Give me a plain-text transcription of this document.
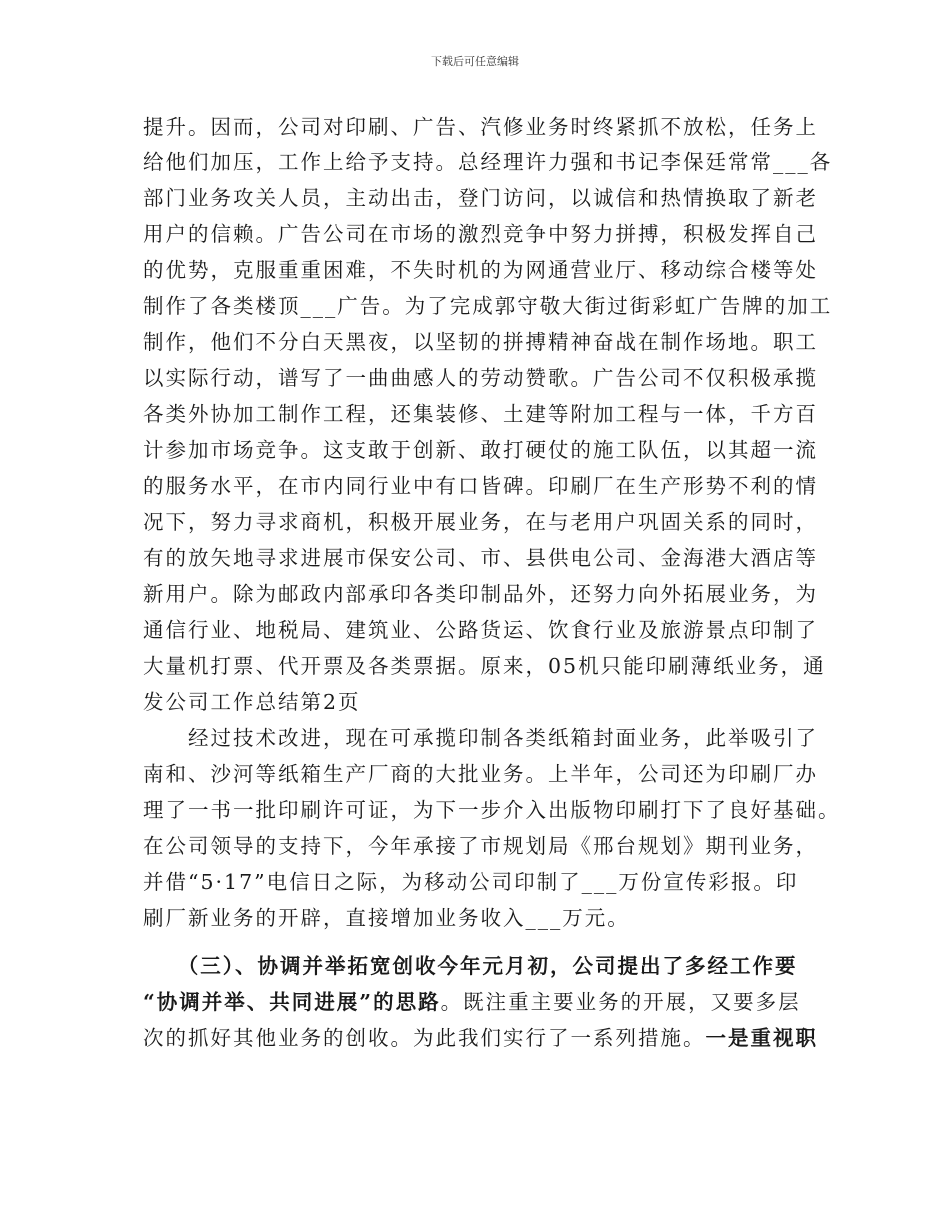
下载后可任意编辑
提升。因而，公司对印刷、广告、汽修业务时终紧抓不放松，任务上
给他们加压，工作上给予支持。总经理许力强和书记李保廷常常___各
部门业务攻关人员，主动出击，登门访问，以诚信和热情换取了新老
用户的信赖。广告公司在市场的激烈竞争中努力拼搏，积极发挥自己
的优势，克服重重困难，不失时机的为网通营业厅、移动综合楼等处
制作了各类楼顶___广告。为了完成郭守敬大街过街彩虹广告牌的加工
制作，他们不分白天黑夜，以坚韧的拼搏精神奋战在制作场地。职工
以实际行动，谱写了一曲曲感人的劳动赞歌。广告公司不仅积极承揽
各类外协加工制作工程，还集装修、土建等附加工程与一体，千方百
计参加市场竞争。这支敢于创新、敢打硬仗的施工队伍，以其超一流
的服务水平，在市内同行业中有口皆碑。印刷厂在生产形势不利的情
况下，努力寻求商机，积极开展业务，在与老用户巩固关系的同时，
有的放矢地寻求进展市保安公司、市、县供电公司、金海港大酒店等
新用户。除为邮政内部承印各类印制品外，还努力向外拓展业务，为
通信行业、地税局、建筑业、公路货运、饮食行业及旅游景点印制了
大量机打票、代开票及各类票据。原来，05机只能印刷薄纸业务，通
发公司工作总结第2页
　　经过技术改进，现在可承揽印制各类纸箱封面业务，此举吸引了
南和、沙河等纸箱生产厂商的大批业务。上半年，公司还为印刷厂办
理了一书一批印刷许可证，为下一步介入出版物印刷打下了良好基础。
在公司领导的支持下，今年承接了市规划局《邢台规划》期刊业务，
并借“5·17”电信日之际，为移动公司印制了___万份宣传彩报。印
刷厂新业务的开辟，直接增加业务收入___万元。
　　（三）、协调并举拓宽创收今年元月初，公司提出了多经工作要
“协调并举、共同进展”的思路。既注重主要业务的开展，又要多层
次的抓好其他业务的创收。为此我们实行了一系列措施。一是重视职
